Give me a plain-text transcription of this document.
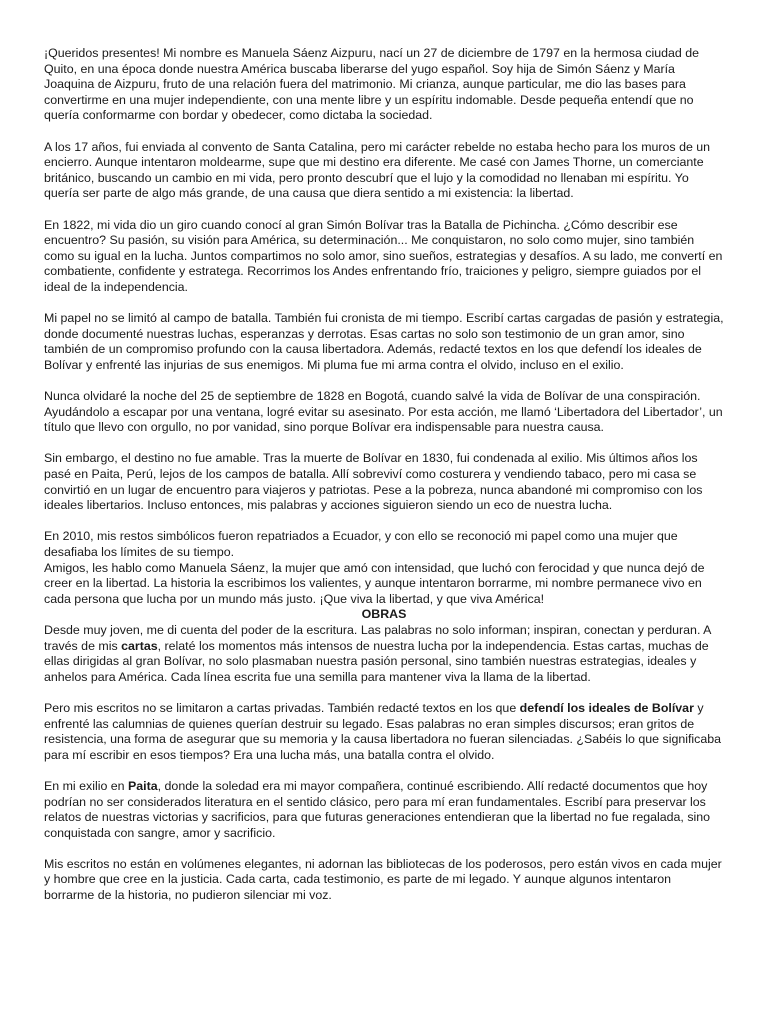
¡Queridos presentes! Mi nombre es Manuela Sáenz Aizpuru, nací un 27 de diciembre de 1797 en la hermosa ciudad de Quito, en una época donde nuestra América buscaba liberarse del yugo español. Soy hija de Simón Sáenz y María Joaquina de Aizpuru, fruto de una relación fuera del matrimonio. Mi crianza, aunque particular, me dio las bases para convertirme en una mujer independiente, con una mente libre y un espíritu indomable. Desde pequeña entendí que no quería conformarme con bordar y obedecer, como dictaba la sociedad.

A los 17 años, fui enviada al convento de Santa Catalina, pero mi carácter rebelde no estaba hecho para los muros de un encierro. Aunque intentaron moldearme, supe que mi destino era diferente. Me casé con James Thorne, un comerciante británico, buscando un cambio en mi vida, pero pronto descubrí que el lujo y la comodidad no llenaban mi espíritu. Yo quería ser parte de algo más grande, de una causa que diera sentido a mi existencia: la libertad.

En 1822, mi vida dio un giro cuando conocí al gran Simón Bolívar tras la Batalla de Pichincha. ¿Cómo describir ese encuentro? Su pasión, su visión para América, su determinación... Me conquistaron, no solo como mujer, sino también como su igual en la lucha. Juntos compartimos no solo amor, sino sueños, estrategias y desafíos. A su lado, me convertí en combatiente, confidente y estratega. Recorrimos los Andes enfrentando frío, traiciones y peligro, siempre guiados por el ideal de la independencia.

Mi papel no se limitó al campo de batalla. También fui cronista de mi tiempo. Escribí cartas cargadas de pasión y estrategia, donde documenté nuestras luchas, esperanzas y derrotas. Esas cartas no solo son testimonio de un gran amor, sino también de un compromiso profundo con la causa libertadora. Además, redacté textos en los que defendí los ideales de Bolívar y enfrenté las injurias de sus enemigos. Mi pluma fue mi arma contra el olvido, incluso en el exilio.

Nunca olvidaré la noche del 25 de septiembre de 1828 en Bogotá, cuando salvé la vida de Bolívar de una conspiración. Ayudándolo a escapar por una ventana, logré evitar su asesinato. Por esta acción, me llamó ‘Libertadora del Libertador’, un título que llevo con orgullo, no por vanidad, sino porque Bolívar era indispensable para nuestra causa.

Sin embargo, el destino no fue amable. Tras la muerte de Bolívar en 1830, fui condenada al exilio. Mis últimos años los pasé en Paita, Perú, lejos de los campos de batalla. Allí sobreviví como costurera y vendiendo tabaco, pero mi casa se convirtió en un lugar de encuentro para viajeros y patriotas. Pese a la pobreza, nunca abandoné mi compromiso con los ideales libertarios. Incluso entonces, mis palabras y acciones siguieron siendo un eco de nuestra lucha.

En 2010, mis restos simbólicos fueron repatriados a Ecuador, y con ello se reconoció mi papel como una mujer que desafiaba los límites de su tiempo.

Amigos, les hablo como Manuela Sáenz, la mujer que amó con intensidad, que luchó con ferocidad y que nunca dejó de creer en la libertad. La historia la escribimos los valientes, y aunque intentaron borrarme, mi nombre permanece vivo en cada persona que lucha por un mundo más justo. ¡Que viva la libertad, y que viva América!

OBRAS

Desde muy joven, me di cuenta del poder de la escritura. Las palabras no solo informan; inspiran, conectan y perduran. A través de mis cartas, relaté los momentos más intensos de nuestra lucha por la independencia. Estas cartas, muchas de ellas dirigidas al gran Bolívar, no solo plasmaban nuestra pasión personal, sino también nuestras estrategias, ideales y anhelos para América. Cada línea escrita fue una semilla para mantener viva la llama de la libertad.

Pero mis escritos no se limitaron a cartas privadas. También redacté textos en los que defendí los ideales de Bolívar y enfrenté las calumnias de quienes querían destruir su legado. Esas palabras no eran simples discursos; eran gritos de resistencia, una forma de asegurar que su memoria y la causa libertadora no fueran silenciadas. ¿Sabéis lo que significaba para mí escribir en esos tiempos? Era una lucha más, una batalla contra el olvido.

En mi exilio en Paita, donde la soledad era mi mayor compañera, continué escribiendo. Allí redacté documentos que hoy podrían no ser considerados literatura en el sentido clásico, pero para mí eran fundamentales. Escribí para preservar los relatos de nuestras victorias y sacrificios, para que futuras generaciones entendieran que la libertad no fue regalada, sino conquistada con sangre, amor y sacrificio.

Mis escritos no están en volúmenes elegantes, ni adornan las bibliotecas de los poderosos, pero están vivos en cada mujer y hombre que cree en la justicia. Cada carta, cada testimonio, es parte de mi legado. Y aunque algunos intentaron borrarme de la historia, no pudieron silenciar mi voz.
